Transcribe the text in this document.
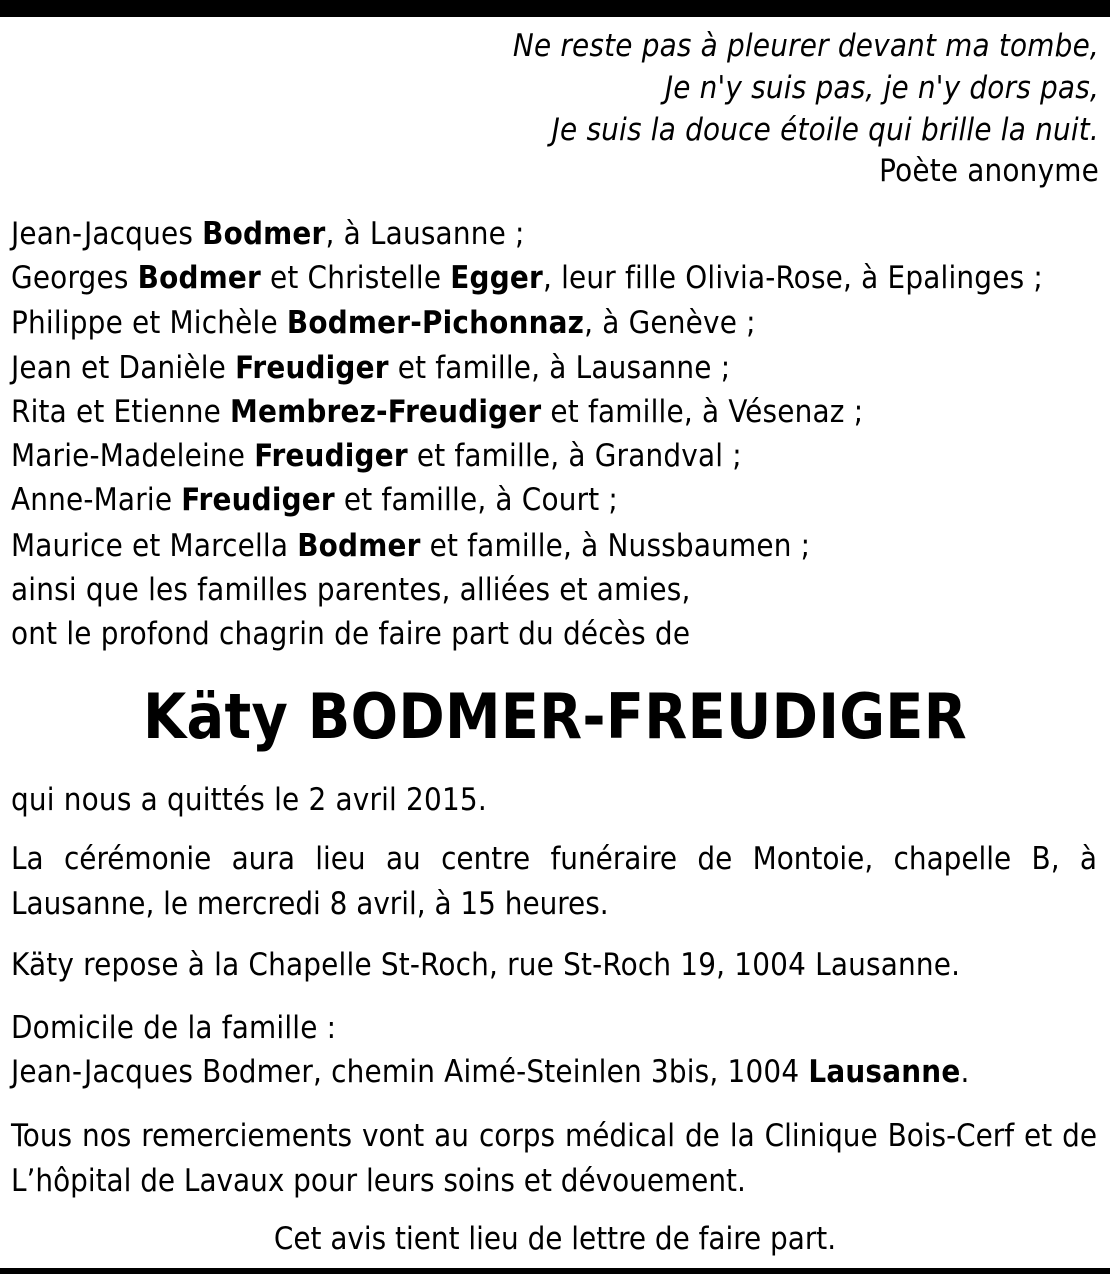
Ne reste pas à pleurer devant ma tombe,
Je n'y suis pas, je n'y dors pas,
Je suis la douce étoile qui brille la nuit.
Poète anonyme
Jean-Jacques Bodmer, à Lausanne ;
Georges Bodmer et Christelle Egger, leur fille Olivia-Rose, à Epalinges ;
Philippe et Michèle Bodmer-Pichonnaz, à Genève ;
Jean et Danièle Freudiger et famille, à Lausanne ;
Rita et Etienne Membrez-Freudiger et famille, à Vésenaz ;
Marie-Madeleine Freudiger et famille, à Grandval ;
Anne-Marie Freudiger et famille, à Court ;
Maurice et Marcella Bodmer et famille, à Nussbaumen ;
ainsi que les familles parentes, alliées et amies,
ont le profond chagrin de faire part du décès de
Käty BODMER-FREUDIGER
qui nous a quittés le 2 avril 2015.
La cérémonie aura lieu au centre funéraire de Montoie, chapelle B, à Lausanne, le mercredi 8 avril, à 15 heures.
Käty repose à la Chapelle St-Roch, rue St-Roch 19, 1004 Lausanne.
Domicile de la famille :
Jean-Jacques Bodmer, chemin Aimé-Steinlen 3bis, 1004 Lausanne.
Tous nos remerciements vont au corps médical de la Clinique Bois-Cerf et de L’hôpital de Lavaux pour leurs soins et dévouement.
Cet avis tient lieu de lettre de faire part.
